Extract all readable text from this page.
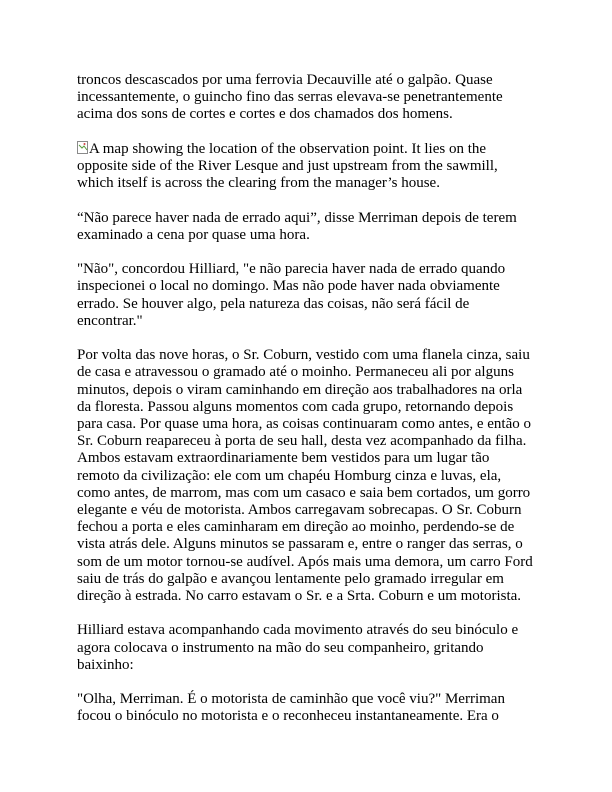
troncos descascados por uma ferrovia Decauville até o galpão. Quase incessantemente, o guincho fino das serras elevava-se penetrantemente acima dos sons de cortes e cortes e dos chamados dos homens.

A map showing the location of the observation point. It lies on the opposite side of the River Lesque and just upstream from the sawmill, which itself is across the clearing from the manager’s house.

“Não parece haver nada de errado aqui”, disse Merriman depois de terem examinado a cena por quase uma hora.

"Não", concordou Hilliard, "e não parecia haver nada de errado quando inspecionei o local no domingo. Mas não pode haver nada obviamente errado. Se houver algo, pela natureza das coisas, não será fácil de encontrar."

Por volta das nove horas, o Sr. Coburn, vestido com uma flanela cinza, saiu de casa e atravessou o gramado até o moinho. Permaneceu ali por alguns minutos, depois o viram caminhando em direção aos trabalhadores na orla da floresta. Passou alguns momentos com cada grupo, retornando depois para casa. Por quase uma hora, as coisas continuaram como antes, e então o Sr. Coburn reapareceu à porta de seu hall, desta vez acompanhado da filha. Ambos estavam extraordinariamente bem vestidos para um lugar tão remoto da civilização: ele com um chapéu Homburg cinza e luvas, ela, como antes, de marrom, mas com um casaco e saia bem cortados, um gorro elegante e véu de motorista. Ambos carregavam sobrecapas. O Sr. Coburn fechou a porta e eles caminharam em direção ao moinho, perdendo-se de vista atrás dele. Alguns minutos se passaram e, entre o ranger das serras, o som de um motor tornou-se audível. Após mais uma demora, um carro Ford saiu de trás do galpão e avançou lentamente pelo gramado irregular em direção à estrada. No carro estavam o Sr. e a Srta. Coburn e um motorista.

Hilliard estava acompanhando cada movimento através do seu binóculo e agora colocava o instrumento na mão do seu companheiro, gritando baixinho:

"Olha, Merriman. É o motorista de caminhão que você viu?" Merriman focou o binóculo no motorista e o reconheceu instantaneamente. Era o
